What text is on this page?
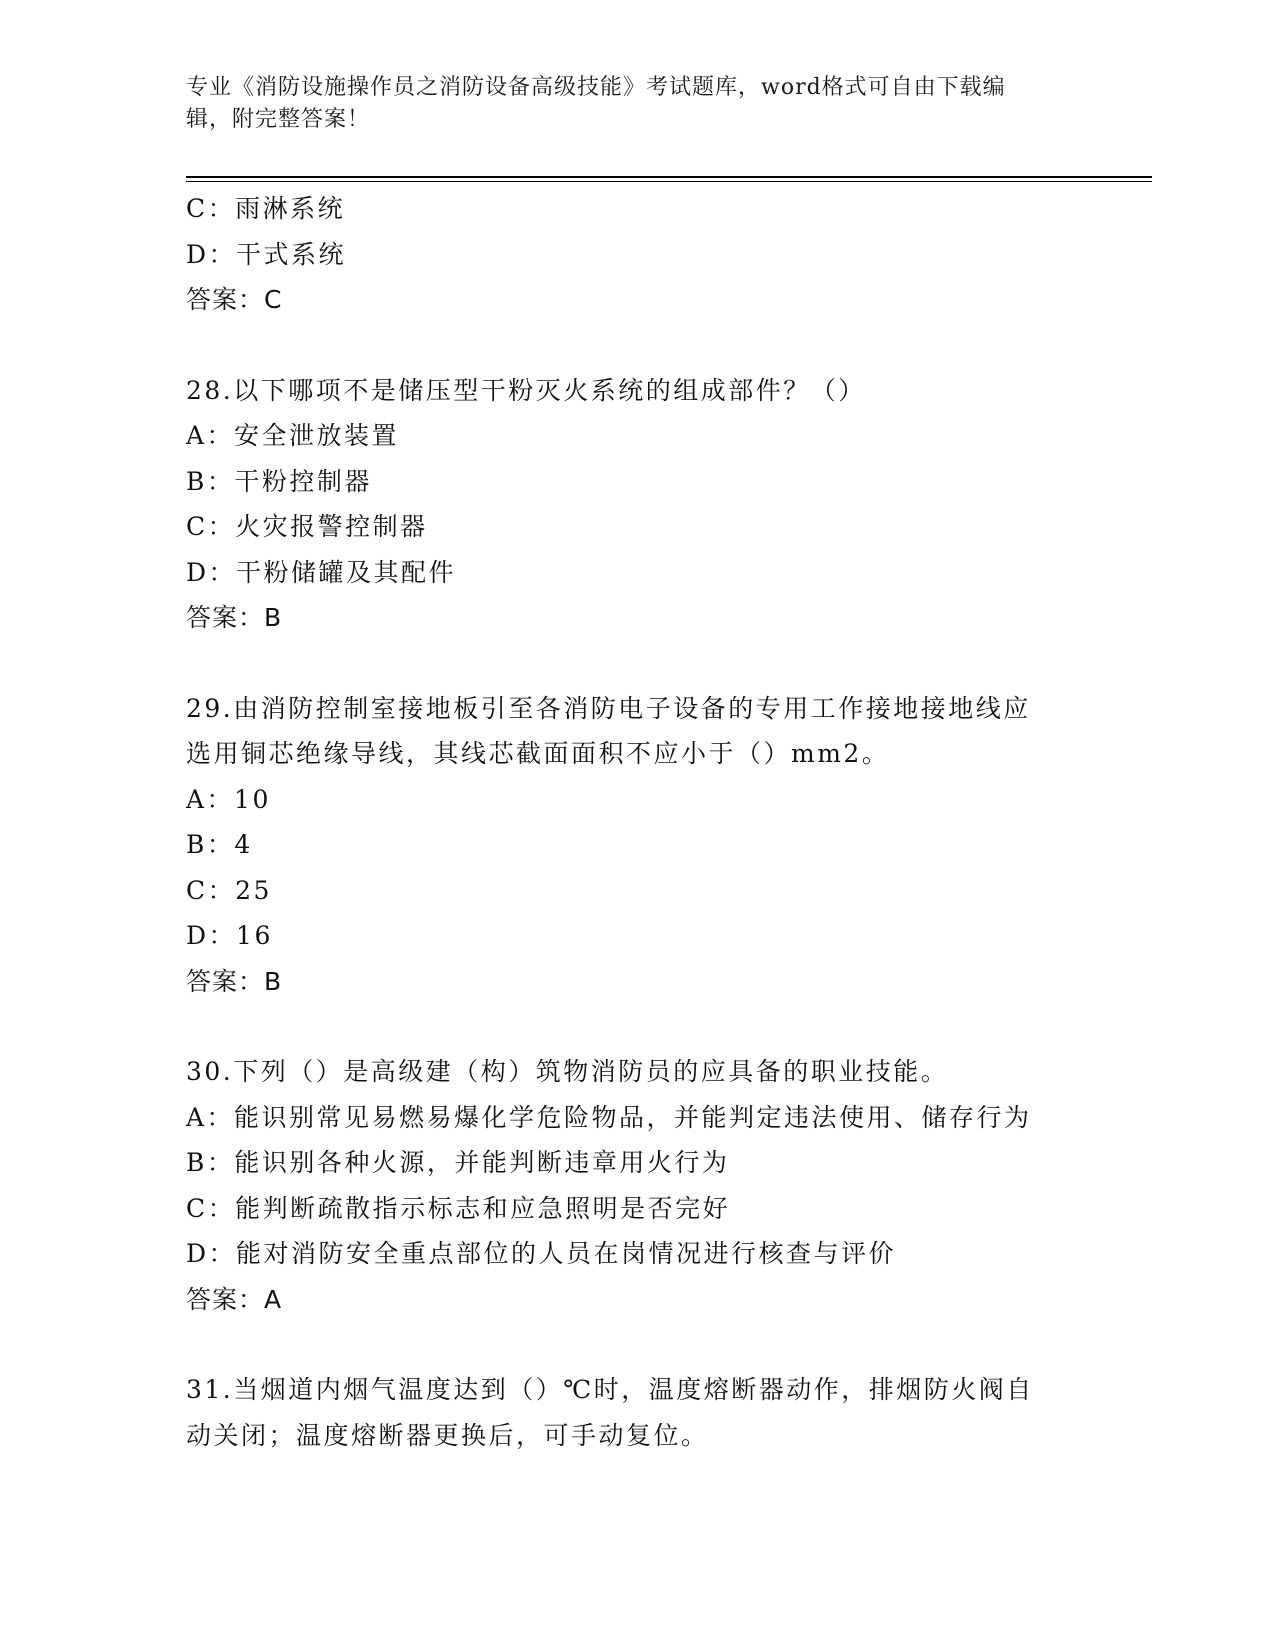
专业《消防设施操作员之消防设备高级技能》考试题库，word格式可自由下载编
辑，附完整答案！
C：雨淋系统
D：干式系统
答案：C
28.以下哪项不是储压型干粉灭火系统的组成部件？（）
A：安全泄放装置
B：干粉控制器
C：火灾报警控制器
D：干粉储罐及其配件
答案：B
29.由消防控制室接地板引至各消防电子设备的专用工作接地接地线应
选用铜芯绝缘导线，其线芯截面面积不应小于（）mm2。
A：10
B：4
C：25
D：16
答案：B
30.下列（）是高级建（构）筑物消防员的应具备的职业技能。
A：能识别常见易燃易爆化学危险物品，并能判定违法使用、储存行为
B：能识别各种火源，并能判断违章用火行为
C：能判断疏散指示标志和应急照明是否完好
D：能对消防安全重点部位的人员在岗情况进行核查与评价
答案：A
31.当烟道内烟气温度达到（）℃时，温度熔断器动作，排烟防火阀自
动关闭；温度熔断器更换后，可手动复位。
